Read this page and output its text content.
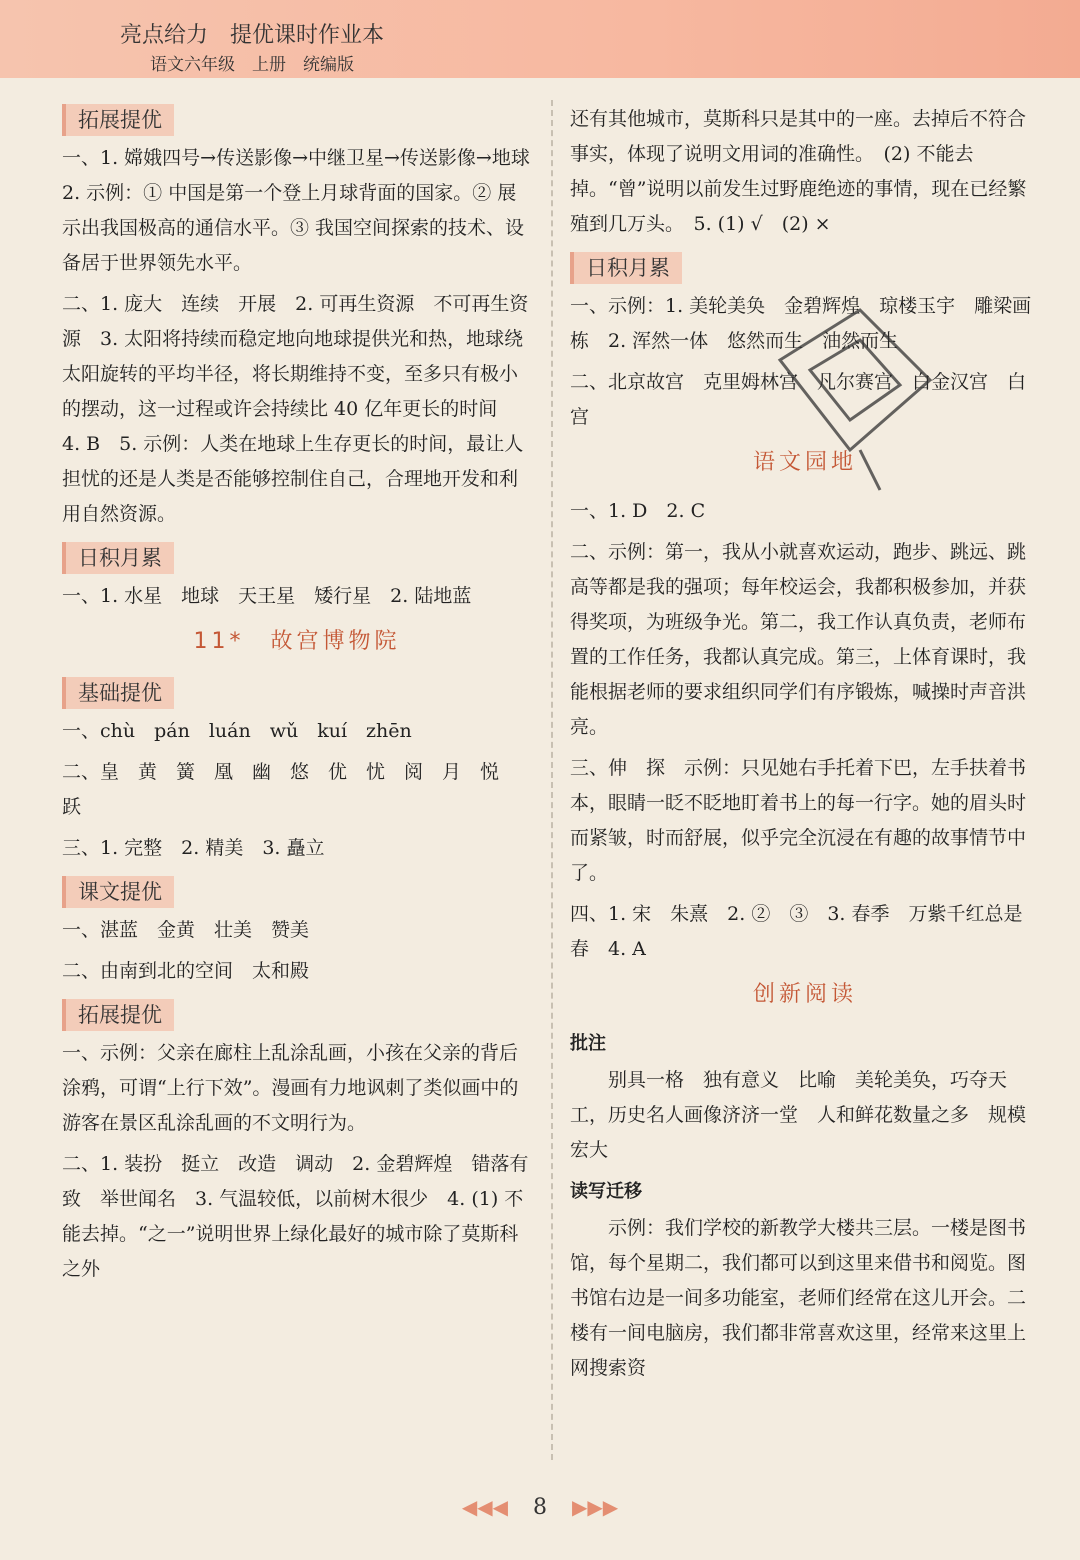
亮点给力　提优课时作业本
语文六年级　上册　统编版
拓展提优
一、1. 嫦娥四号→传送影像→中继卫星→传送影像→地球　2. 示例：① 中国是第一个登上月球背面的国家。② 展示出我国极高的通信水平。③ 我国空间探索的技术、设备居于世界领先水平。
二、1. 庞大　连续　开展　2. 可再生资源　不可再生资源　3. 太阳将持续而稳定地向地球提供光和热，地球绕太阳旋转的平均半径，将长期维持不变，至多只有极小的摆动，这一过程或许会持续比 40 亿年更长的时间　4. B　5. 示例：人类在地球上生存更长的时间，最让人担忧的还是人类是否能够控制住自己，合理地开发和利用自然资源。
日积月累
一、1. 水星　地球　天王星　矮行星　2. 陆地蓝
11*　故宫博物院
基础提优
一、chù　pán　luán　wǔ　kuí　zhēn
二、皇　黄　簧　凰　幽　悠　优　忧　阅　月　悦　跃
三、1. 完整　2. 精美　3. 矗立
课文提优
一、湛蓝　金黄　壮美　赞美
二、由南到北的空间　太和殿
拓展提优
一、示例：父亲在廊柱上乱涂乱画，小孩在父亲的背后涂鸦，可谓“上行下效”。漫画有力地讽刺了类似画中的游客在景区乱涂乱画的不文明行为。
二、1. 装扮　挺立　改造　调动　2. 金碧辉煌　错落有致　举世闻名　3. 气温较低，以前树木很少　4. (1) 不能去掉。“之一”说明世界上绿化最好的城市除了莫斯科之外
还有其他城市，莫斯科只是其中的一座。去掉后不符合事实，体现了说明文用词的准确性。　(2) 不能去掉。“曾”说明以前发生过野鹿绝迹的事情，现在已经繁殖到几万头。　5. (1) √　(2) ×
日积月累
一、示例：1. 美轮美奂　金碧辉煌　琼楼玉宇　雕梁画栋　2. 浑然一体　悠然而生　油然而生
二、北京故宫　克里姆林宫　凡尔赛宫　白金汉宫　白宫
语文园地
一、1. D　2. C
二、示例：第一，我从小就喜欢运动，跑步、跳远、跳高等都是我的强项；每年校运会，我都积极参加，并获得奖项，为班级争光。第二，我工作认真负责，老师布置的工作任务，我都认真完成。第三，上体育课时，我能根据老师的要求组织同学们有序锻炼，喊操时声音洪亮。
三、伸　探　示例：只见她右手托着下巴，左手扶着书本，眼睛一眨不眨地盯着书上的每一行字。她的眉头时而紧皱，时而舒展，似乎完全沉浸在有趣的故事情节中了。
四、1. 宋　朱熹　2. ②　③　3. 春季　万紫千红总是春　4. A
创新阅读
批注
别具一格　独有意义　比喻　美轮美奂，巧夺天工，历史名人画像济济一堂　人和鲜花数量之多　规模宏大
读写迁移
示例：我们学校的新教学大楼共三层。一楼是图书馆，每个星期二，我们都可以到这里来借书和阅览。图书馆右边是一间多功能室，老师们经常在这儿开会。二楼有一间电脑房，我们都非常喜欢这里，经常来这里上网搜索资
◀◀◀ 8 ▶▶▶
